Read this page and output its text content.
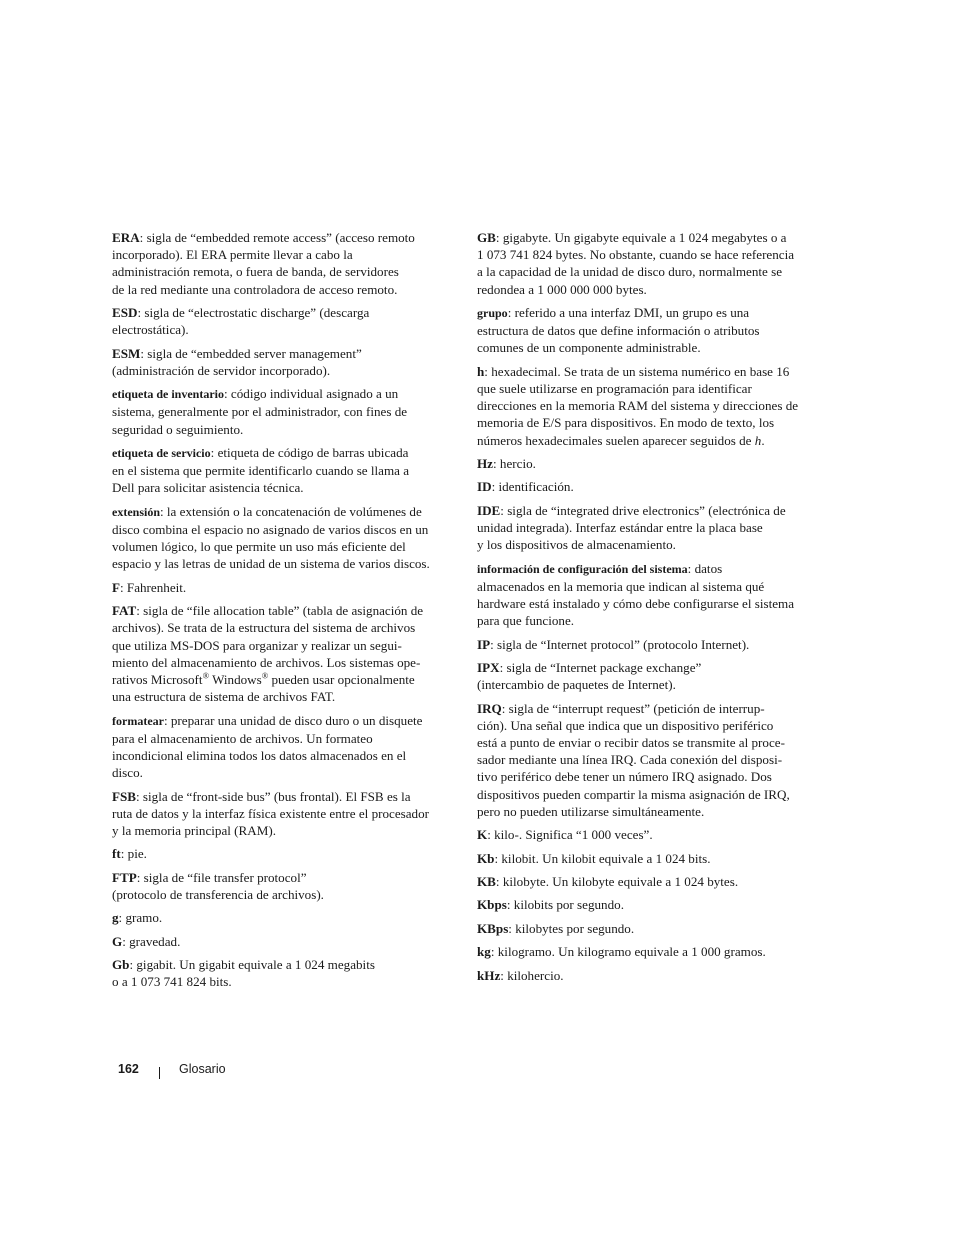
ERA: sigla de “embedded remote access” (acceso remoto
incorporado). El ERA permite llevar a cabo la
administración remota, o fuera de banda, de servidores
de la red mediante una controladora de acceso remoto.
ESD: sigla de “electrostatic discharge” (descarga
electrostática).
ESM: sigla de “embedded server management”
(administración de servidor incorporado).
etiqueta de inventario: código individual asignado a un
sistema, generalmente por el administrador, con fines de
seguridad o seguimiento.
etiqueta de servicio: etiqueta de código de barras ubicada
en el sistema que permite identificarlo cuando se llama a
Dell para solicitar asistencia técnica.
extensión: la extensión o la concatenación de volúmenes de
disco combina el espacio no asignado de varios discos en un
volumen lógico, lo que permite un uso más eficiente del
espacio y las letras de unidad de un sistema de varios discos.
F: Fahrenheit.
FAT: sigla de “file allocation table” (tabla de asignación de
archivos). Se trata de la estructura del sistema de archivos
que utiliza MS-DOS para organizar y realizar un segui-
miento del almacenamiento de archivos. Los sistemas ope-
rativos Microsoft® Windows® pueden usar opcionalmente
una estructura de sistema de archivos FAT.
formatear: preparar una unidad de disco duro o un disquete
para el almacenamiento de archivos. Un formateo
incondicional elimina todos los datos almacenados en el
disco.
FSB: sigla de “front-side bus” (bus frontal). El FSB es la
ruta de datos y la interfaz física existente entre el procesador
y la memoria principal (RAM).
ft: pie.
FTP: sigla de “file transfer protocol”
(protocolo de transferencia de archivos).
g: gramo.
G: gravedad.
Gb: gigabit. Un gigabit equivale a 1 024 megabits
o a 1 073 741 824 bits.
GB: gigabyte. Un gigabyte equivale a 1 024 megabytes o a
1 073 741 824 bytes. No obstante, cuando se hace referencia
a la capacidad de la unidad de disco duro, normalmente se
redondea a 1 000 000 000 bytes.
grupo: referido a una interfaz DMI, un grupo es una
estructura de datos que define información o atributos
comunes de un componente administrable.
h: hexadecimal. Se trata de un sistema numérico en base 16
que suele utilizarse en programación para identificar
direcciones en la memoria RAM del sistema y direcciones de
memoria de E/S para dispositivos. En modo de texto, los
números hexadecimales suelen aparecer seguidos de h.
Hz: hercio.
ID: identificación.
IDE: sigla de “integrated drive electronics” (electrónica de
unidad integrada). Interfaz estándar entre la placa base
y los dispositivos de almacenamiento.
información de configuración del sistema: datos
almacenados en la memoria que indican al sistema qué
hardware está instalado y cómo debe configurarse el sistema
para que funcione.
IP: sigla de “Internet protocol” (protocolo Internet).
IPX: sigla de “Internet package exchange”
(intercambio de paquetes de Internet).
IRQ: sigla de “interrupt request” (petición de interrup-
ción). Una señal que indica que un dispositivo periférico
está a punto de enviar o recibir datos se transmite al proce-
sador mediante una línea IRQ. Cada conexión del disposi-
tivo periférico debe tener un número IRQ asignado. Dos
dispositivos pueden compartir la misma asignación de IRQ,
pero no pueden utilizarse simultáneamente.
K: kilo-. Significa “1 000 veces”.
Kb: kilobit. Un kilobit equivale a 1 024 bits.
KB: kilobyte. Un kilobyte equivale a 1 024 bytes.
Kbps: kilobits por segundo.
KBps: kilobytes por segundo.
kg: kilogramo. Un kilogramo equivale a 1 000 gramos.
kHz: kilohercio.
162	Glosario
